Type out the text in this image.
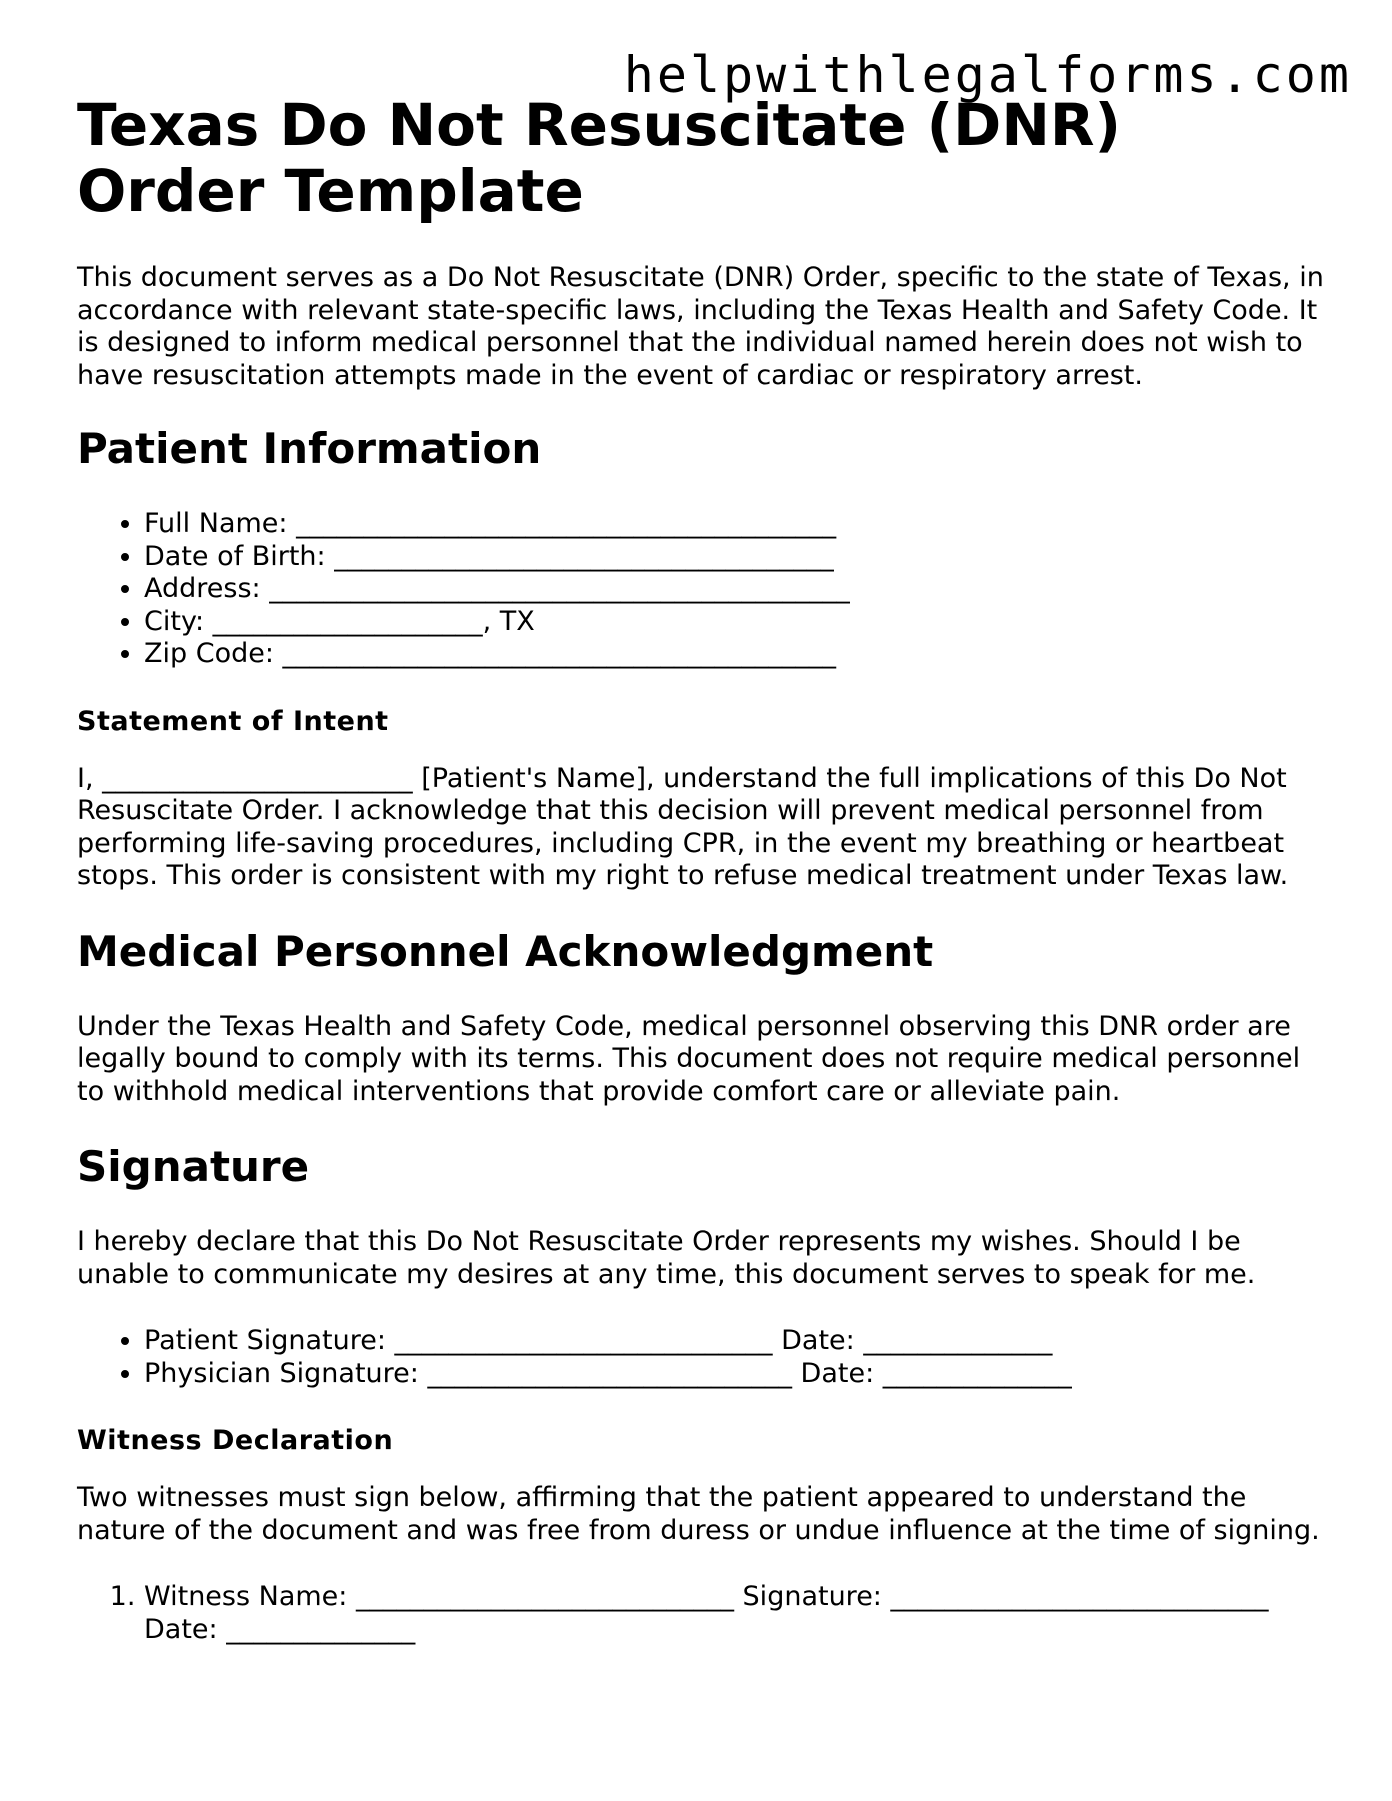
helpwithlegalforms.com
Texas Do Not Resuscitate (DNR) Order Template

This document serves as a Do Not Resuscitate (DNR) Order, specific to the state of Texas, in accordance with relevant state-specific laws, including the Texas Health and Safety Code. It is designed to inform medical personnel that the individual named herein does not wish to have resuscitation attempts made in the event of cardiac or respiratory arrest.

Patient Information
• Full Name: ________________________________________
• Date of Birth: _____________________________________
• Address: ___________________________________________
• City: ____________________, TX
• Zip Code: _________________________________________
Statement of Intent

I, _______________________ [Patient's Name], understand the full implications of this Do Not Resuscitate Order. I acknowledge that this decision will prevent medical personnel from performing life-saving procedures, including CPR, in the event my breathing or heartbeat stops. This order is consistent with my right to refuse medical treatment under Texas law.

Medical Personnel Acknowledgment

Under the Texas Health and Safety Code, medical personnel observing this DNR order are legally bound to comply with its terms. This document does not require medical personnel to withhold medical interventions that provide comfort care or alleviate pain.

Signature

I hereby declare that this Do Not Resuscitate Order represents my wishes. Should I be unable to communicate my desires at any time, this document serves to speak for me.

• Patient Signature: ____________________________ Date: ______________
• Physician Signature: ___________________________ Date: ______________
Witness Declaration

Two witnesses must sign below, affirming that the patient appeared to understand the nature of the document and was free from duress or undue influence at the time of signing.

1. Witness Name: ____________________________ Signature: ____________________________ Date: ______________
